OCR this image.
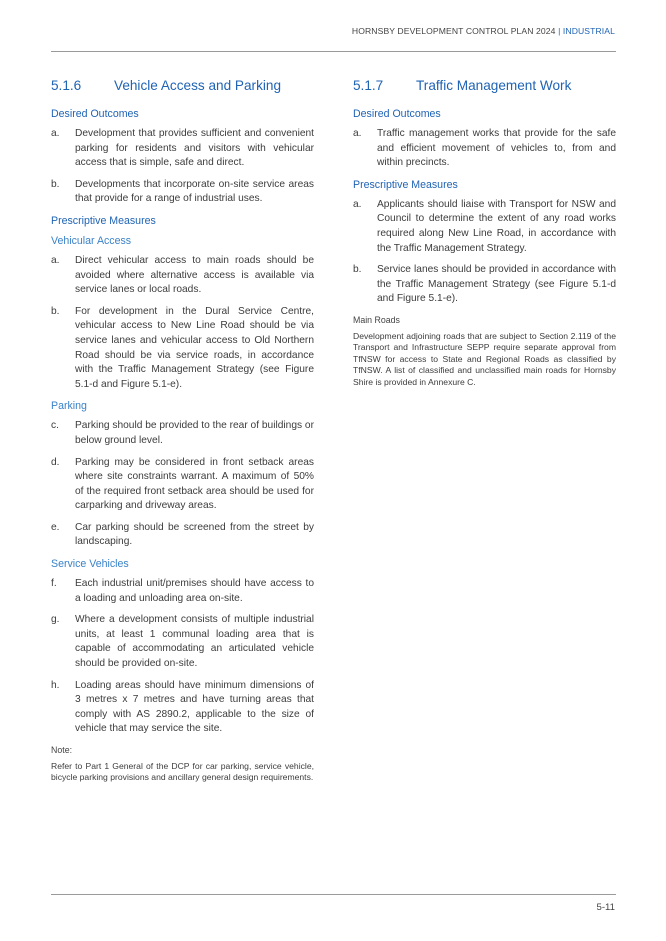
HORNSBY DEVELOPMENT CONTROL PLAN 2024 | INDUSTRIAL
5.1.6 Vehicle Access and Parking
Desired Outcomes
a.	Development that provides sufficient and convenient parking for residents and visitors with vehicular access that is simple, safe and direct.
b.	Developments that incorporate on-site service areas that provide for a range of industrial uses.
Prescriptive Measures
Vehicular Access
a.	Direct vehicular access to main roads should be avoided where alternative access is available via service lanes or local roads.
b.	For development in the Dural Service Centre, vehicular access to New Line Road should be via service lanes and vehicular access to Old Northern Road should be via service roads, in accordance with the Traffic Management Strategy (see Figure 5.1-d and Figure 5.1-e).
Parking
c.	Parking should be provided to the rear of buildings or below ground level.
d.	Parking may be considered in front setback areas where site constraints warrant. A maximum of 50% of the required front setback area should be used for carparking and driveway areas.
e.	Car parking should be screened from the street by landscaping.
Service Vehicles
f.	Each industrial unit/premises should have access to a loading and unloading area on-site.
g.	Where a development consists of multiple industrial units, at least 1 communal loading area that is capable of accommodating an articulated vehicle should be provided on-site.
h.	Loading areas should have minimum dimensions of 3 metres x 7 metres and have turning areas that comply with AS 2890.2, applicable to the size of vehicle that may service the site.
Note:
Refer to Part 1 General of the DCP for car parking, service vehicle, bicycle parking provisions and ancillary general design requirements.
5.1.7 Traffic Management Work
Desired Outcomes
a.	Traffic management works that provide for the safe and efficient movement of vehicles to, from and within precincts.
Prescriptive Measures
a.	Applicants should liaise with Transport for NSW and Council to determine the extent of any road works required along New Line Road, in accordance with the Traffic Management Strategy.
b.	Service lanes should be provided in accordance with the Traffic Management Strategy (see Figure 5.1-d and Figure 5.1-e).
Main Roads
Development adjoining roads that are subject to Section 2.119 of the Transport and Infrastructure SEPP require separate approval from TfNSW for access to State and Regional Roads as classified by TfNSW. A list of classified and unclassified main roads for Hornsby Shire is provided in Annexure C.
5-11
